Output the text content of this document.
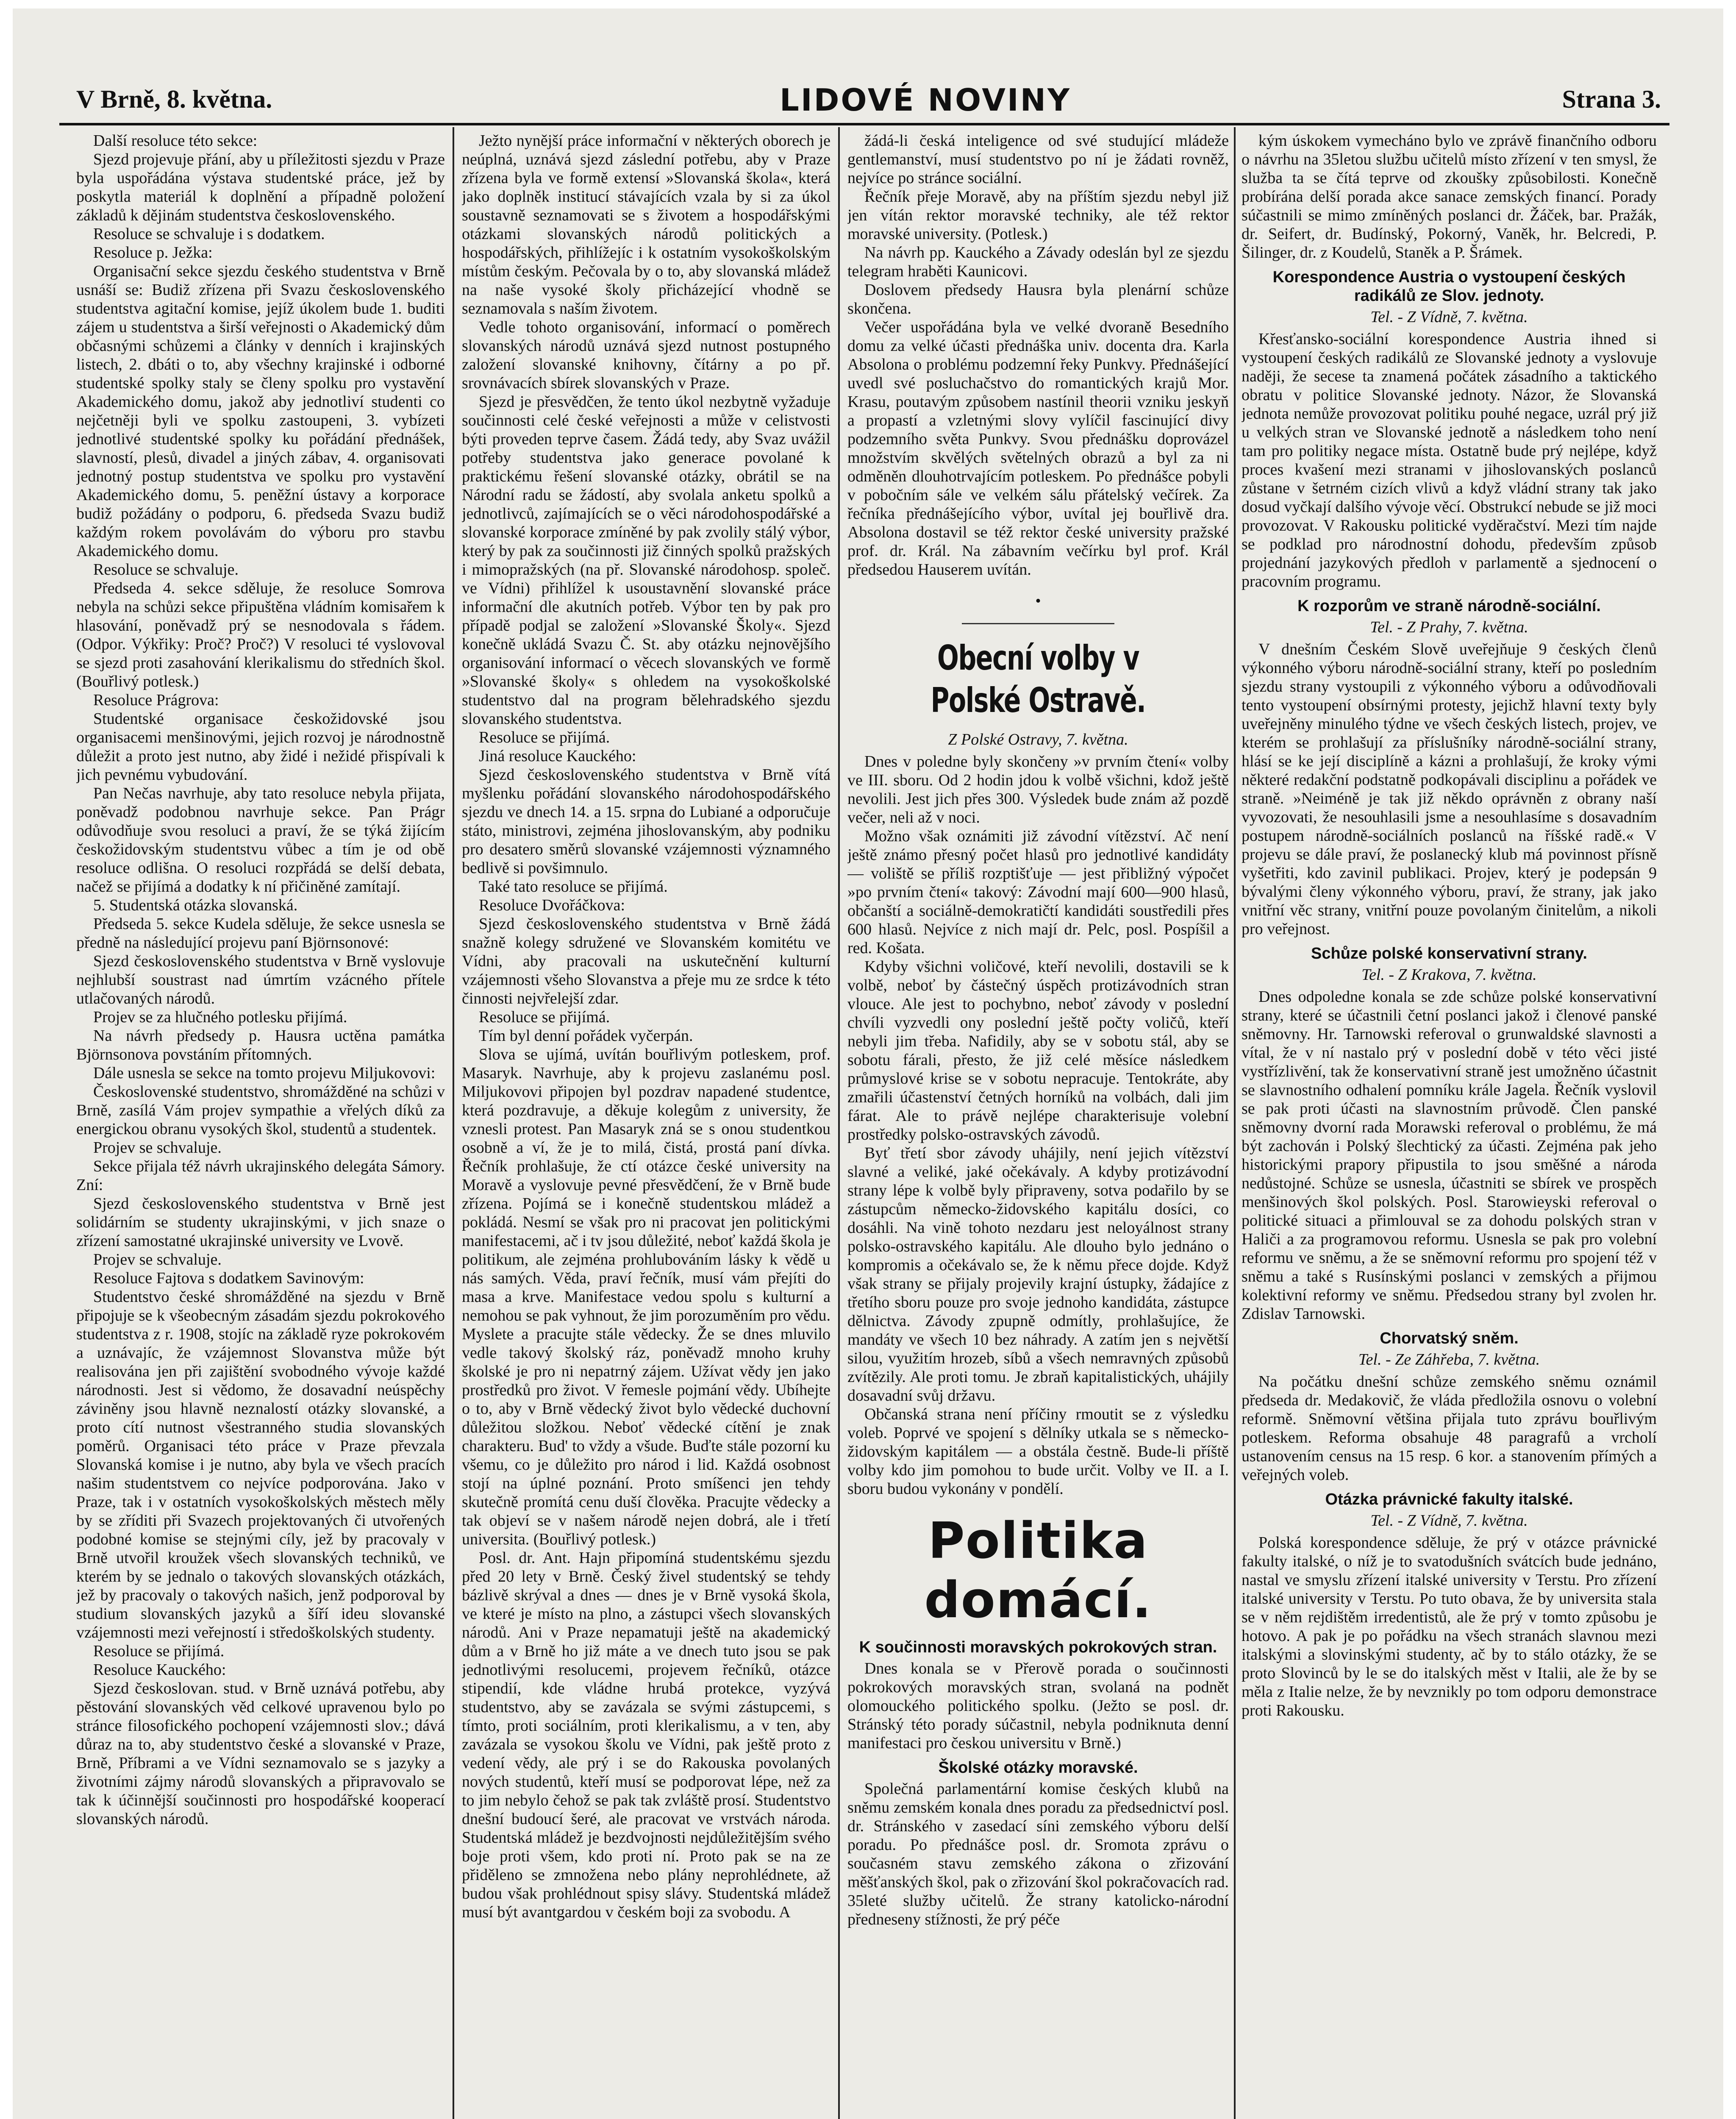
V Brně, 8. května.	LIDOVÉ NOVINY	Strana 3.

Další resoluce této sekce:

Sjezd projevuje přání, aby u příležitosti sjezdu v Praze byla uspořádána výstava studentské práce, jež by poskytla materiál k doplnění a případně položení základů k dějinám studentstva československého.

Resoluce se schvaluje i s dodatkem.

Resoluce p. Ježka:

Organisační sekce sjezdu českého studentstva v Brně usnáší se: Budiž zřízena při Svazu československého studentstva agitační komise, jejíž úkolem bude 1. buditi zájem u studentstva a širší veřejnosti o Akademický dům občasnými schůzemi a články v denních i krajinských listech, 2. dbáti o to, aby všechny krajinské i odborné studentské spolky staly se členy spolku pro vystavění Akademického domu, jakož aby jednotliví studenti co nejčetněji byli ve spolku zastoupeni, 3. vybízeti jednotlivé studentské spolky ku pořádání přednášek, slavností, plesů, divadel a jiných zábav, 4. organisovati jednotný postup studentstva ve spolku pro vystavění Akademického domu, 5. peněžní ústavy a korporace budiž požádány o podporu, 6. předseda Svazu budiž každým rokem povolávám do výboru pro stavbu Akademického domu.

Resoluce se schvaluje.

Předseda 4. sekce sděluje, že resoluce Somrova nebyla na schůzi sekce připuštěna vládním komisařem k hlasování, poněvadž prý se nesnodovala s řádem. (Odpor. Výkřiky: Proč? Proč?) V resoluci té vyslovoval se sjezd proti zasahování klerikalismu do středních škol. (Bouřlivý potlesk.)

Resoluce Prágrova:

Studentské organisace českožidovské jsou organisacemi menšinovými, jejich rozvoj je národnostně důležit a proto jest nutno, aby židé i nežidé přispívali k jich pevnému vybudování.

Pan Nečas navrhuje, aby tato resoluce nebyla přijata, poněvadž podobnou navrhuje sekce. Pan Prágr odůvodňuje svou resoluci a praví, že se týká žijícím českožidovským studentstvu vůbec a tím je od obě resoluce odlišna. O resoluci rozpřádá se delší debata, načež se přijímá a dodatky k ní přičiněné zamítají.

5. Studentská otázka slovanská.

Předseda 5. sekce Kudela sděluje, že sekce usnesla se předně na následující projevu paní Björnsonové:

Sjezd československého studentstva v Brně vyslovuje nejhlubší soustrast nad úmrtím vzácného přítele utlačovaných národů.

Projev se za hlučného potlesku přijímá.

Na návrh předsedy p. Hausra uctěna památka Björnsonova povstáním přítomných.

Dále usnesla se sekce na tomto projevu Miljukovovi:

Československé studentstvo, shromážděné na schůzi v Brně, zasílá Vám projev sympathie a vřelých díků za energickou obranu vysokých škol, studentů a studentek.

Projev se schvaluje.

Sekce přijala též návrh ukrajinského delegáta Sámory. Zní:

Sjezd československého studentstva v Brně jest solidárním se studenty ukrajinskými, v jich snaze o zřízení samostatné ukrajinské university ve Lvově.

Projev se schvaluje.

Resoluce Fajtova s dodatkem Savinovým:

Studentstvo české shromážděné na sjezdu v Brně připojuje se k všeobecným zásadám sjezdu pokrokového studentstva z r. 1908, stojíc na základě ryze pokrokovém a uznávajíc, že vzájemnost Slovanstva může být realisována jen při zajištění svobodného vývoje každé národnosti. Jest si vědomo, že dosavadní neúspěchy záviněny jsou hlavně neznalostí otázky slovanské, a proto cítí nutnost všestranného studia slovanských poměrů. Organisaci této práce v Praze převzala Slovanská komise i je nutno, aby byla ve všech pracích našim studentstvem co nejvíce podporována. Jako v Praze, tak i v ostatních vysokoškolských městech měly by se zříditi při Svazech projektovaných či utvořených podobné komise se stejnými cíly, jež by pracovaly v Brně utvořil kroužek všech slovanských techniků, ve kterém by se jednalo o takových slovanských otázkách, jež by pracovaly o takových našich, jenž podporoval by studium slovanských jazyků a šíří ideu slovanské vzájemnosti mezi veřejností i středoškolských studenty.

Resoluce se přijímá.

Resoluce Kauckého:

Sjezd českoslovan. stud. v Brně uznává potřebu, aby pěstování slovanských věd celkové upravenou bylo po stránce filosofického pochopení vzájemnosti slov.; dává důraz na to, aby studentstvo české a slovanské v Praze, Brně, Příbrami a ve Vídni seznamovalo se s jazyky a životními zájmy národů slovanských a připravovalo se tak k účinnější součinnosti pro hospodářské kooperací slovanských národů.

Ježto nynější práce informační v některých oborech je neúplná, uznává sjezd záslední potřebu, aby v Praze zřízena byla ve formě extensí »Slovanská škola«, která jako doplněk institucí stávajících vzala by si za úkol soustavně seznamovati se s životem a hospodářskými otázkami slovanských národů politických a hospodářských, přihlížejíc i k ostatním vysokoškolským místům českým. Pečovala by o to, aby slovanská mládež na naše vysoké školy přicházející vhodně se seznamovala s naším životem.

Vedle tohoto organisování, informací o poměrech slovanských národů uznává sjezd nutnost postupného založení slovanské knihovny, čítárny a po př. srovnávacích sbírek slovanských v Praze.

Sjezd je přesvědčen, že tento úkol nezbytně vyžaduje součinnosti celé české veřejnosti a může v celistvosti býti proveden teprve časem. Žádá tedy, aby Svaz uvážil potřeby studentstva jako generace povolané k praktickému řešení slovanské otázky, obrátil se na Národní radu se žádostí, aby svolala anketu spolků a jednotlivců, zajímajících se o věci národohospodářské a slovanské korporace zmíněné by pak zvolily stálý výbor, který by pak za součinnosti již činných spolků pražských i mimopražských (na př. Slovanské národohosp. společ. ve Vídni) přihlížel k usoustavnění slovanské práce informační dle akutních potřeb. Výbor ten by pak pro případě podjal se založení »Slovanské Školy«. Sjezd konečně ukládá Svazu Č. St. aby otázku nejnovějšího organisování informací o věcech slovanských ve formě »Slovanské školy« s ohledem na vysokoškolské studentstvo dal na program bělehradského sjezdu slovanského studentstva.

Resoluce se přijímá.

Jiná resoluce Kauckého:

Sjezd československého studentstva v Brně vítá myšlenku pořádání slovanského národohospodářského sjezdu ve dnech 14. a 15. srpna do Lubiané a odporučuje státo, ministrovi, zejména jihoslovanským, aby podniku pro desatero směrů slovanské vzájemnosti významného bedlivě si povšimnulo.

Také tato resoluce se přijímá.

Resoluce Dvořáčkova:

Sjezd československého studentstva v Brně žádá snažně kolegy sdružené ve Slovanském komitétu ve Vídni, aby pracovali na uskutečnění kulturní vzájemnosti všeho Slovanstva a přeje mu ze srdce k této činnosti nejvřelejší zdar.

Resoluce se přijímá.

Tím byl denní pořádek vyčerpán.

Slova se ujímá, uvítán bouřlivým potleskem, prof. Masaryk. Navrhuje, aby k projevu zaslanému posl. Miljukovovi připojen byl pozdrav napadené studentce, která pozdravuje, a děkuje kolegům z university, že vznesli protest. Pan Masaryk zná se s onou studentkou osobně a ví, že je to milá, čistá, prostá paní dívka. Řečník prohlašuje, že ctí otázce české university na Moravě a vyslovuje pevné přesvědčení, že v Brně bude zřízena. Pojímá se i konečně studentskou mládež a pokládá. Nesmí se však pro ni pracovat jen politickými manifestacemi, ač i tv jsou důležité, neboť každá škola je politikum, ale zejména prohlubováním lásky k vědě u nás samých. Věda, praví řečník, musí vám přejíti do masa a krve. Manifestace vedou spolu s kulturní a nemohou se pak vyhnout, že jim porozuměním pro vědu. Myslete a pracujte stále vědecky. Že se dnes mluvilo vedle takový školský ráz, poněvadž mnoho kruhy školské je pro ni nepatrný zájem. Užívat vědy jen jako prostředků pro život. V řemesle pojmání vědy. Ubíhejte o to, aby v Brně vědecký život bylo vědecké duchovní důležitou složkou. Neboť vědecké cítění je znak charakteru. Bud' to vždy a všude. Buďte stále pozorní ku všemu, co je důležito pro národ i lid. Každá osobnost stojí na úplné poznání. Proto smíšenci jen tehdy skutečně promítá cenu duší člověka. Pracujte vědecky a tak objeví se v našem národě nejen dobrá, ale i třetí universita. (Bouřlivý potlesk.)

Posl. dr. Ant. Hajn připomíná studentskému sjezdu před 20 lety v Brně. Český živel studentský se tehdy bázlivě skrýval a dnes — dnes je v Brně vysoká škola, ve které je místo na plno, a zástupci všech slovanských národů. Ani v Praze nepamatuji ještě na akademický dům a v Brně ho již máte a ve dnech tuto jsou se pak jednotlivými resolucemi, projevem řečníků, otázce stipendií, kde vládne hrubá protekce, vyzývá studentstvo, aby se zavázala se svými zástupcemi, s tímto, proti sociálním, proti klerikalismu, a v ten, aby zavázala se vysokou školu ve Vídni, pak ještě proto z vedení vědy, ale prý i se do Rakouska povolaných nových studentů, kteří musí se podporovat lépe, než za to jim nebylo čehož se pak tak zvláště prosí. Studentstvo dnešní budoucí šeré, ale pracovat ve vrstvách národa. Studentská mládež je bezdvojnosti nejdůležitějším svého boje proti všem, kdo proti ní. Proto pak se na ze přiděleno se zmnožena nebo plány neprohlédnete, až budou však prohlédnout spisy slávy. Studentská mládež musí být avantgardou v českém boji za svobodu. A

žádá-li česká inteligence od své studující mládeže gentlemanství, musí studentstvo po ní je žádati rovněž, nejvíce po stránce sociální.

Řečník přeje Moravě, aby na příštím sjezdu nebyl již jen vítán rektor moravské techniky, ale též rektor moravské university. (Potlesk.)

Na návrh pp. Kauckého a Závady odeslán byl ze sjezdu telegram hraběti Kaunicovi.

Doslovem předsedy Hausra byla plenární schůze skončena.

Večer uspořádána byla ve velké dvoraně Besedního domu za velké účasti přednáška univ. docenta dra. Karla Absolona o problému podzemní řeky Punkvy. Přednášející uvedl své posluchačstvo do romantických krajů Mor. Krasu, poutavým způsobem nastínil theorii vzniku jeskyň a propastí a vzletnými slovy vylíčil fascinující divy podzemního světa Punkvy. Svou přednášku doprovázel množstvím skvělých světelných obrazů a byl za ni odměněn dlouhotrvajícím potleskem. Po přednášce pobyli v pobočním sále ve velkém sálu přátelský večírek. Za řečníka přednášejícího výbor, uvítal jej bouřlivě dra. Absolona dostavil se též rektor české university pražské prof. dr. Král. Na zábavním večírku byl prof. Král předsedou Hauserem uvítán.

•
Obecní volby v Polské Ostravě.
Z Polské Ostravy, 7. května.

Dnes v poledne byly skončeny »v prvním čtení« volby ve III. sboru. Od 2 hodin jdou k volbě všichni, kdož ještě nevolili. Jest jich přes 300. Výsledek bude znám až pozdě večer, neli až v noci.

Možno však oznámiti již závodní vítězství. Ač není ještě známo přesný počet hlasů pro jednotlivé kandidáty — voliště se příliš rozptišťuje — jest přibližný výpočet »po prvním čtení« takový: Závodní mají 600—900 hlasů, občanští a sociálně-demokratičtí kandidáti soustředili přes 600 hlasů. Nejvíce z nich mají dr. Pelc, posl. Pospíšil a red. Košata.

Kdyby všichni voličové, kteří nevolili, dostavili se k volbě, neboť by částečný úspěch protizávodních stran vlouce. Ale jest to pochybno, neboť závody v poslední chvíli vyzvedli ony poslední ještě počty voličů, kteří nebyli jim třeba. Nafidily, aby se v sobotu stál, aby se sobotu fárali, přesto, že již celé měsíce následkem průmyslové krise se v sobotu nepracuje. Tentokráte, aby zmařili účastenství četných horníků na volbách, dali jim fárat. Ale to právě nejlépe charakterisuje volební prostředky polsko-ostravských závodů.

Byť třetí sbor závody uhájily, není jejich vítězství slavné a veliké, jaké očekávaly. A kdyby protizávodní strany lépe k volbě byly připraveny, sotva podařilo by se zástupcům německo-židovského kapitálu dosíci, co dosáhli. Na vině tohoto nezdaru jest neloyálnost strany polsko-ostravského kapitálu. Ale dlouho bylo jednáno o kompromis a očekávalo se, že k němu přece dojde. Když však strany se přijaly projevily krajní ústupky, žádajíce z třetího sboru pouze pro svoje jednoho kandidáta, zástupce dělnictva. Závody zpupně odmítly, prohlašujíce, že mandáty ve všech 10 bez náhrady. A zatím jen s největší silou, využitím hrozeb, síbů a všech nemravných způsobů zvítězily. Ale proti tomu. Je zbraň kapitalistických, uhájily dosavadní svůj državu.

Občanská strana není příčiny rmoutit se z výsledku voleb. Poprvé ve spojení s dělníky utkala se s německo-židovským kapitálem — a obstála čestně. Bude-li příště volby kdo jim pomohou to bude určit. Volby ve II. a I. sboru budou vykonány v pondělí.

Politika domácí.
K součinnosti moravských pokrokových stran.

Dnes konala se v Přerově porada o součinnosti pokrokových moravských stran, svolaná na podnět olomouckého politického spolku. (Ježto se posl. dr. Stránský této porady súčastnil, nebyla podniknuta denní manifestaci pro českou universitu v Brně.)

Školské otázky moravské.

Společná parlamentární komise českých klubů na sněmu zemském konala dnes poradu za předsednictví posl. dr. Stránského v zasedací síni zemského výboru delší poradu. Po přednášce posl. dr. Sromota zprávu o současném stavu zemského zákona o zřizování měšťanských škol, pak o zřizování škol pokračovacích rad. 35leté služby učitelů. Že strany katolicko-národní předneseny stížnosti, že prý péče

kým úskokem vymecháno bylo ve zprávě finančního odboru o návrhu na 35letou službu učitelů místo zřízení v ten smysl, že služba ta se čítá teprve od zkoušky způsobilosti. Konečně probírána delší porada akce sanace zemských financí. Porady súčastnili se mimo zmíněných poslanci dr. Žáček, bar. Pražák, dr. Seifert, dr. Budínský, Pokorný, Vaněk, hr. Belcredi, P. Šilinger, dr. z Koudelů, Staněk a P. Šrámek.

Korespondence Austria o vystoupení českých radikálů ze Slov. jednoty.
Tel. - Z Vídně, 7. května.

Křesťansko-sociální korespondence Austria ihned si vystoupení českých radikálů ze Slovanské jednoty a vyslovuje naději, že secese ta znamená počátek zásadního a taktického obratu v politice Slovanské jednoty. Názor, že Slovanská jednota nemůže provozovat politiku pouhé negace, uzrál prý již u velkých stran ve Slovanské jednotě a následkem toho není tam pro politiky negace místa. Ostatně bude prý nejlépe, když proces kvašení mezi stranami v jihoslovanských poslanců zůstane v šetrném cizích vlivů a když vládní strany tak jako dosud vyčkají dalšího vývoje věcí. Obstrukcí nebude se již moci provozovat. V Rakousku politické vyděračství. Mezi tím najde se podklad pro národnostní dohodu, především způsob projednání jazykových předloh v parlamentě a sjednocení o pracovním programu.

K rozporům ve straně národně-sociální.
Tel. - Z Prahy, 7. května.

V dnešním Českém Slově uveřejňuje 9 českých členů výkonného výboru národně-sociální strany, kteří po posledním sjezdu strany vystoupili z výkonného výboru a odůvodňovali tento vystoupení obsírnými protesty, jejichž hlavní texty byly uveřejněny minulého týdne ve všech českých listech, projev, ve kterém se prohlašují za příslušníky národně-sociální strany, hlásí se ke její disciplíně a kázni a prohlašují, že kroky vými některé redakční podstatně podkopávali disciplinu a pořádek ve straně. »Neiméně je tak již někdo oprávněn z obrany naší vyvozovati, že nesouhlasili jsme a nesouhlasíme s dosavadním postupem národně-sociálních poslanců na říšské radě.« V projevu se dále praví, že poslanecký klub má povinnost přísně vyšetřiti, kdo zavinil publikaci. Projev, který je podepsán 9 bývalými členy výkonného výboru, praví, že strany, jak jako vnitřní věc strany, vnitřní pouze povolaným činitelům, a nikoli pro veřejnost.

Schůze polské konservativní strany.
Tel. - Z Krakova, 7. května.

Dnes odpoledne konala se zde schůze polské konservativní strany, které se účastnili četní poslanci jakož i členové panské sněmovny. Hr. Tarnowski referoval o grunwaldské slavnosti a vítal, že v ní nastalo prý v poslední době v této věci jisté vystřízlivění, tak že konservativní straně jest umožněno účastnit se slavnostního odhalení pomníku krále Jagela. Řečník vyslovil se pak proti účasti na slavnostním průvodě. Člen panské sněmovny dvorní rada Morawski referoval o problému, že má být zachován i Polský šlechtický za účasti. Zejména pak jeho historickými prapory připustila to jsou směšné a národa nedůstojné. Schůze se usnesla, účastniti se sbírek ve prospěch menšinových škol polských. Posl. Starowieyski referoval o politické situaci a přimlouval se za dohodu polských stran v Haliči a za programovou reformu. Usnesla se pak pro volební reformu ve sněmu, a že se sněmovní reformu pro spojení též v sněmu a také s Rusínskými poslanci v zemských a přijmou kolektivní reformy ve sněmu. Předsedou strany byl zvolen hr. Zdislav Tarnowski.

Chorvatský sněm.
Tel. - Ze Záhřeba, 7. května.

Na počátku dnešní schůze zemského sněmu oznámil předseda dr. Medakovič, že vláda předložila osnovu o volební reformě. Sněmovní většina přijala tuto zprávu bouřlivým potleskem. Reforma obsahuje 48 paragrafů a vrcholí ustanovením census na 15 resp. 6 kor. a stanovením přímých a veřejných voleb.

Otázka právnické fakulty italské.
Tel. - Z Vídně, 7. května.

Polská korespondence sděluje, že prý v otázce právnické fakulty italské, o níž je to svatodušních svátcích bude jednáno, nastal ve smyslu zřízení italské university v Terstu. Pro zřízení italské university v Terstu. Po tuto obava, že by universita stala se v něm rejdištěm irredentistů, ale že prý v tomto způsobu je hotovo. A pak je po pořádku na všech stranách slavnou mezi italskými a slovinskými studenty, ač by to stálo otázky, že se proto Slovinců by le se do italských měst v Italii, ale že by se měla z Italie nelze, že by nevznikly po tom odporu demonstrace proti Rakousku.
